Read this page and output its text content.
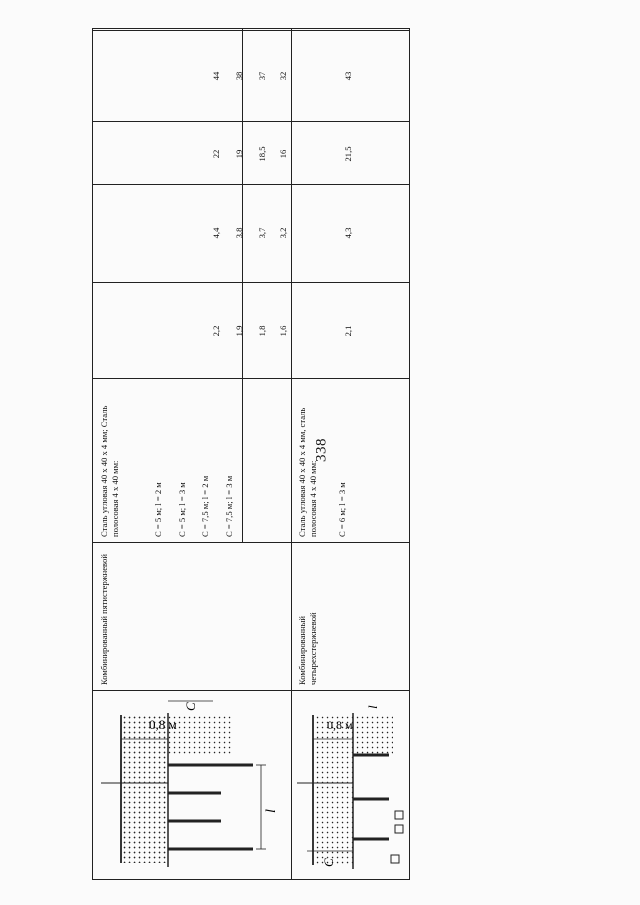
338
0,8 м
l
C
Комбинированный пятистержневой
Сталь угловая 40 x 40 x 4 мм; Сталь полосовая 4 x 40 мм:	C = 5 м; l = 2 м C = 5 м; l = 3 м C = 7,5 м; l = 2 м C = 7,5 м; l = 3 м
2,2 1,9 1,8 1,6
4,4 3,8 3,7 3,2
22 19 18,5 16
44 38 37 32
0,8 м
l
C
Комбинированный четырехстержневой
Сталь угловая 40 x 40 x 4 мм, сталь полосовая 4 x 40 мм: C = 6 м; l = 3 м
2,1
4,3
21,5
43
